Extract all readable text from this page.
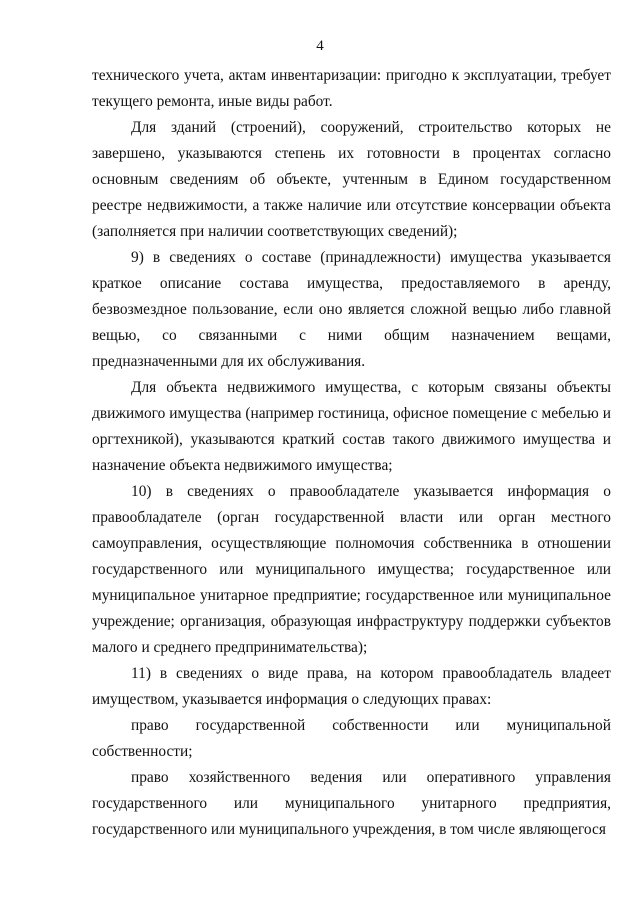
4

технического учета, актам инвентаризации: пригодно к эксплуатации, требует текущего ремонта, иные виды работ.

Для зданий (строений), сооружений, строительство которых не завершено, указываются степень их готовности в процентах согласно основным сведениям об объекте, учтенным в Едином государственном реестре недвижимости, а также наличие или отсутствие консервации объекта (заполняется при наличии соответствующих сведений);

9) в сведениях о составе (принадлежности) имущества указывается краткое описание состава имущества, предоставляемого в аренду, безвозмездное пользование, если оно является сложной вещью либо главной вещью, со связанными с ними общим назначением вещами, предназначенными для их обслуживания.

Для объекта недвижимого имущества, с которым связаны объекты движимого имущества (например гостиница, офисное помещение с мебелью и оргтехникой), указываются краткий состав такого движимого имущества и назначение объекта недвижимого имущества;

10) в сведениях о правообладателе указывается информация о правообладателе (орган государственной власти или орган местного самоуправления, осуществляющие полномочия собственника в отношении государственного или муниципального имущества; государственное или муниципальное унитарное предприятие; государственное или муниципальное учреждение; организация, образующая инфраструктуру поддержки субъектов малого и среднего предпринимательства);

11) в сведениях о виде права, на котором правообладатель владеет имуществом, указывается информация о следующих правах:

право государственной собственности или муниципальной собственности;

право хозяйственного ведения или оперативного управления государственного или муниципального унитарного предприятия, государственного или муниципального учреждения, в том числе являющегося
